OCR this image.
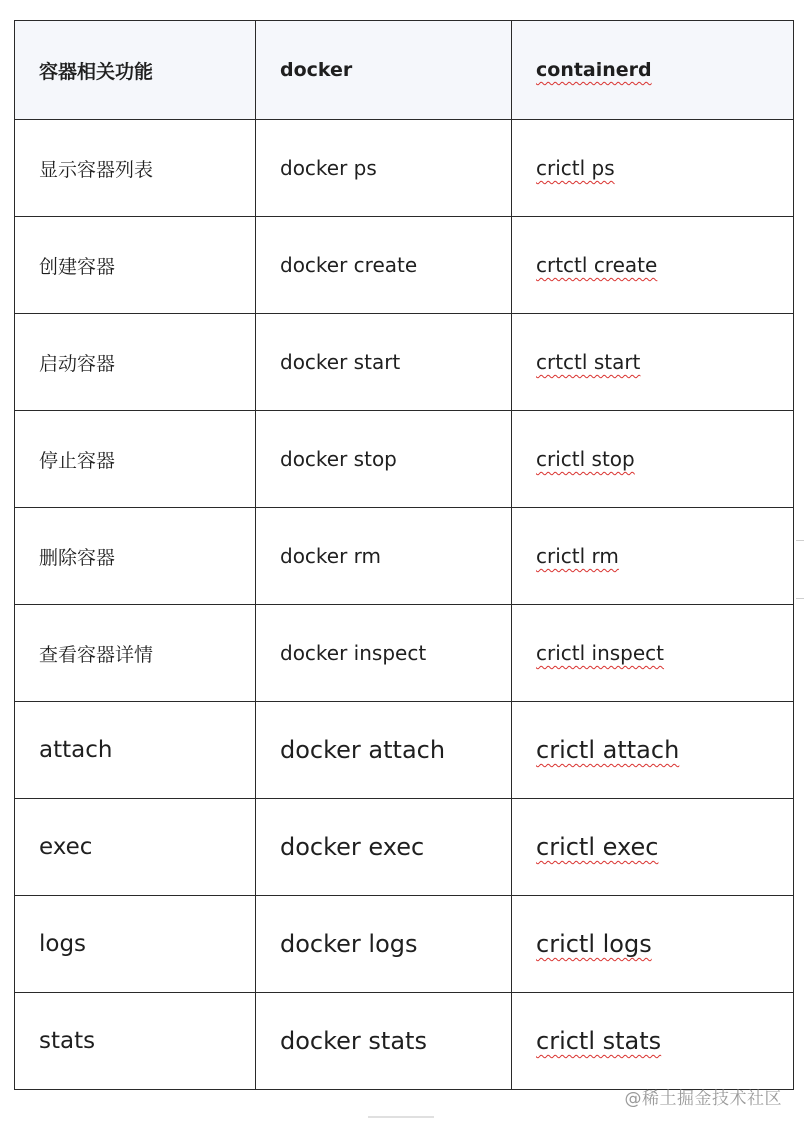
容器相关功能	docker	containerd
显示容器列表	docker ps	crictl ps
创建容器	docker create	crtctl create
启动容器	docker start	crtctl start
停止容器	docker stop	crictl stop
删除容器	docker rm	crictl rm
查看容器详情	docker inspect	crictl inspect
attach	docker attach	crictl attach
exec	docker exec	crictl exec
logs	docker logs	crictl logs
stats	docker stats	crictl stats
@稀土掘金技术社区
